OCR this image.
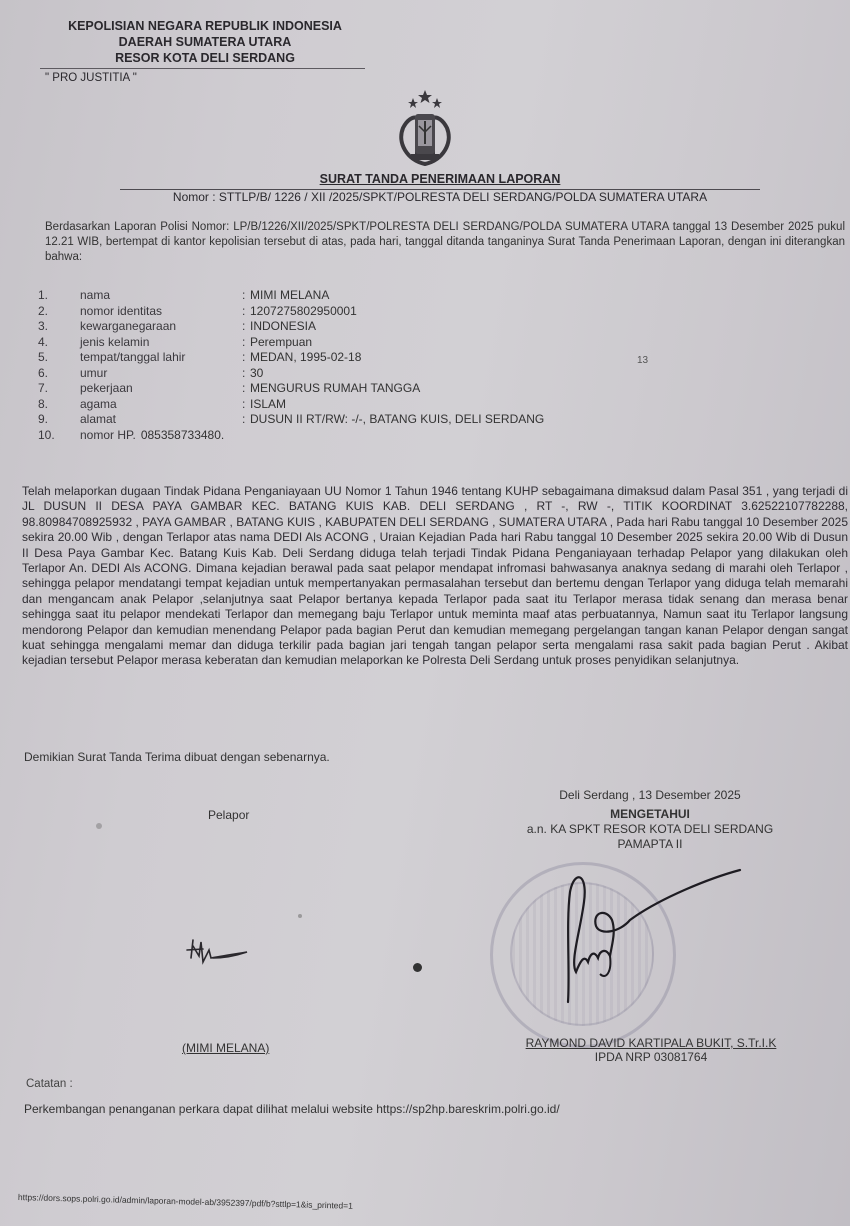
KEPOLISIAN NEGARA REPUBLIK INDONESIA
DAERAH SUMATERA UTARA
RESOR KOTA DELI SERDANG
" PRO JUSTITIA "
SURAT TANDA PENERIMAAN LAPORAN
Nomor : STTLP/B/ 1226 / XII /2025/SPKT/POLRESTA DELI SERDANG/POLDA SUMATERA UTARA
Berdasarkan Laporan Polisi Nomor: LP/B/1226/XII/2025/SPKT/POLRESTA DELI SERDANG/POLDA SUMATERA UTARA tanggal 13 Desember 2025 pukul 12.21 WIB, bertempat di kantor kepolisian tersebut di atas, pada hari, tanggal ditanda tanganinya Surat Tanda Penerimaan Laporan, dengan ini diterangkan bahwa:
1.	nama	: MIMI MELANA
2.	nomor identitas	: 1207275802950001
3.	kewarganegaraan	: INDONESIA
4.	jenis kelamin	: Perempuan
5.	tempat/tanggal lahir	: MEDAN, 1995-02-18
6.	umur	: 30
7.	pekerjaan	: MENGURUS RUMAH TANGGA
8.	agama	: ISLAM
9.	alamat	: DUSUN II RT/RW: -/-, BATANG KUIS, DELI SERDANG
10.	nomor HP. 085358733480.
13
Telah melaporkan dugaan Tindak Pidana Penganiayaan UU Nomor 1 Tahun 1946 tentang KUHP sebagaimana dimaksud dalam Pasal 351 , yang terjadi di JL DUSUN II DESA PAYA GAMBAR KEC. BATANG KUIS KAB. DELI SERDANG , RT -, RW -, TITIK KOORDINAT 3.62522107782288, 98.80984708925932 , PAYA GAMBAR , BATANG KUIS , KABUPATEN DELI SERDANG , SUMATERA UTARA , Pada hari Rabu tanggal 10 Desember 2025 sekira 20.00 Wib , dengan Terlapor atas nama DEDI Als ACONG , Uraian Kejadian Pada hari Rabu tanggal 10 Desember 2025 sekira 20.00 Wib di Dusun II Desa Paya Gambar Kec. Batang Kuis Kab. Deli Serdang diduga telah terjadi Tindak Pidana Penganiayaan terhadap Pelapor yang dilakukan oleh Terlapor An. DEDI Als ACONG. Dimana kejadian berawal pada saat pelapor mendapat infromasi bahwasanya anaknya sedang di marahi oleh Terlapor , sehingga pelapor mendatangi tempat kejadian untuk mempertanyakan permasalahan tersebut dan bertemu dengan Terlapor yang diduga telah memarahi dan mengancam anak Pelapor ,selanjutnya saat Pelapor bertanya kepada Terlapor pada saat itu Terlapor merasa tidak senang dan merasa benar sehingga saat itu pelapor mendekati Terlapor dan memegang baju Terlapor untuk meminta maaf atas perbuatannya, Namun saat itu Terlapor langsung mendorong Pelapor dan kemudian menendang Pelapor pada bagian Perut dan kemudian memegang pergelangan tangan kanan Pelapor dengan sangat kuat sehingga mengalami memar dan diduga terkilir pada bagian jari tengah tangan pelapor serta mengalami rasa sakit pada bagian Perut . Akibat kejadian tersebut Pelapor merasa keberatan dan kemudian melaporkan ke Polresta Deli Serdang untuk proses penyidikan selanjutnya.
Demikian Surat Tanda Terima dibuat dengan sebenarnya.
Pelapor
Deli Serdang , 13 Desember 2025
MENGETAHUI
a.n. KA SPKT RESOR KOTA DELI SERDANG
PAMAPTA II
(MIMI MELANA)	RAYMOND DAVID KARTIPALA BUKIT, S.Tr.I.K
IPDA NRP 03081764
Catatan :
Perkembangan penanganan perkara dapat dilihat melalui website https://sp2hp.bareskrim.polri.go.id/
https://dors.sops.polri.go.id/admin/laporan-model-ab/3952397/pdf/b?sttlp=1&is_printed=1
